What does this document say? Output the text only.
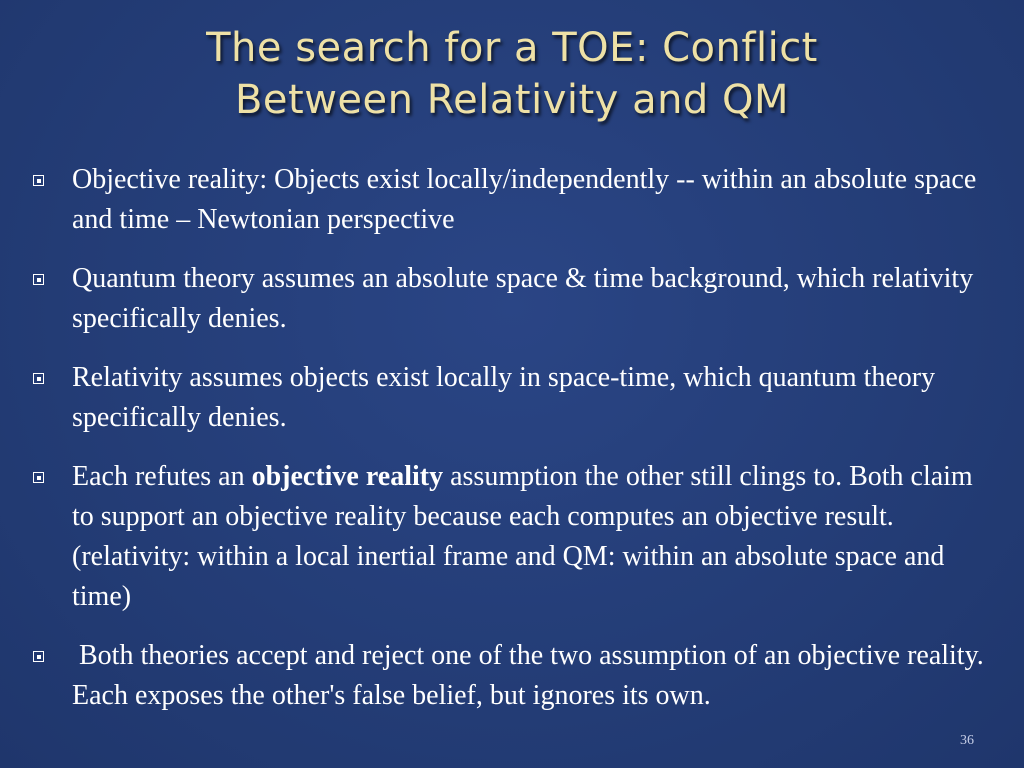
The search for a TOE: Conflict
Between Relativity and QM
Objective reality: Objects exist locally/independently -- within an absolute space and time – Newtonian perspective
Quantum theory assumes an absolute space & time background, which relativity specifically denies.
Relativity assumes objects exist locally in space-time, which quantum theory specifically denies.
Each refutes an objective reality assumption the other still clings to. Both claim to support an objective reality because each computes an objective result. (relativity: within a local inertial frame and QM: within an absolute space and time)
Both theories accept and reject one of the two assumption of an objective reality.  Each exposes the other's false belief, but ignores its own.
36
